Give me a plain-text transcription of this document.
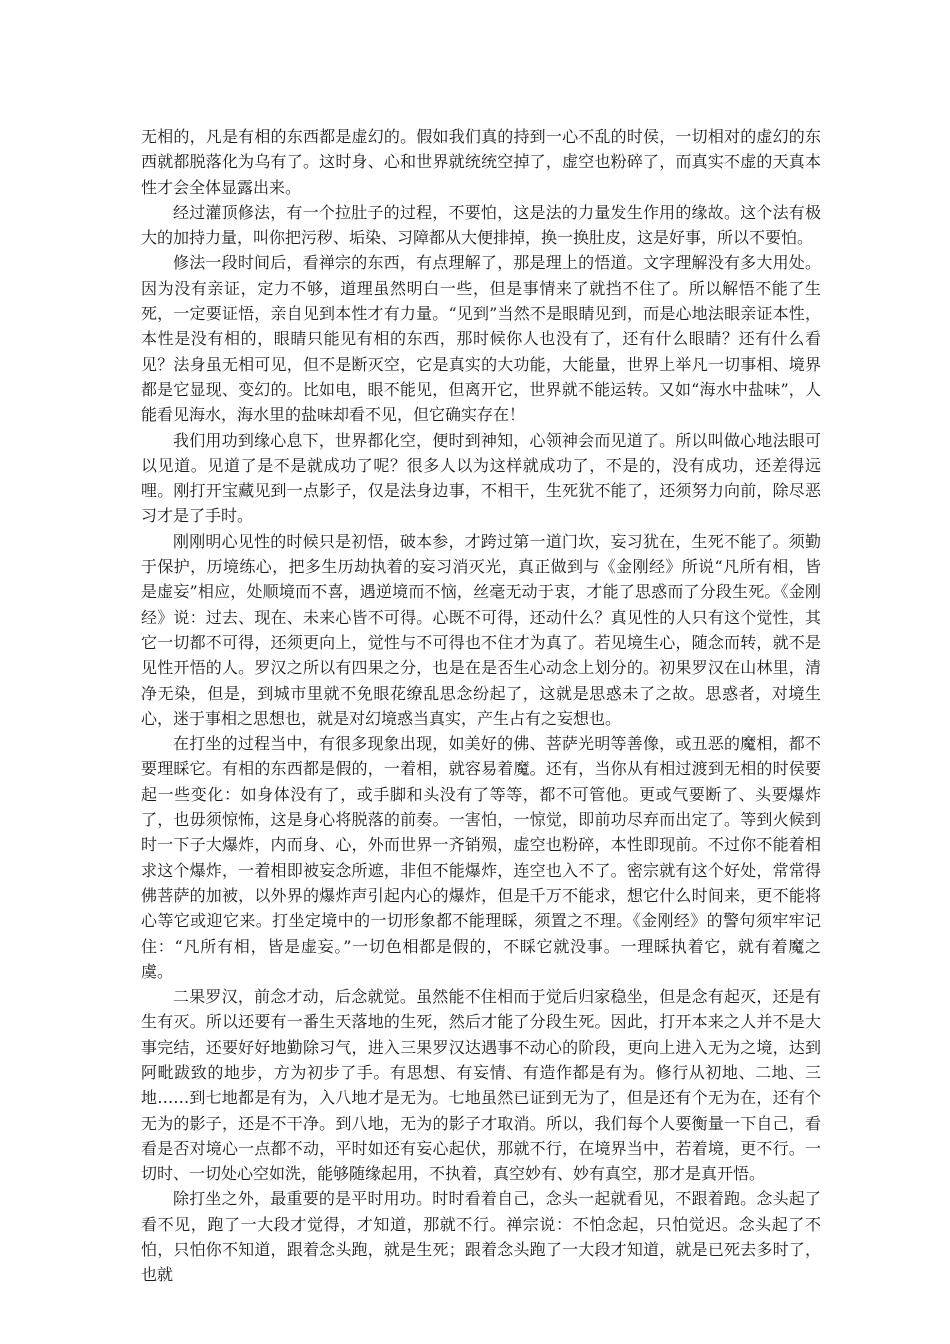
无相的，凡是有相的东西都是虚幻的。假如我们真的持到一心不乱的时侯，一切相对的虚幻的东西就都脱落化为乌有了。这时身、心和世界就统统空掉了，虚空也粉碎了，而真实不虚的天真本性才会全体显露出来。

经过灌顶修法，有一个拉肚子的过程，不要怕，这是法的力量发生作用的缘故。这个法有极大的加持力量，叫你把污秽、垢染、习障都从大便排掉，换一换肚皮，这是好事，所以不要怕。

修法一段时间后，看禅宗的东西，有点理解了，那是理上的悟道。文字理解没有多大用处。因为没有亲证，定力不够，道理虽然明白一些，但是事情来了就挡不住了。所以解悟不能了生死，一定要证悟，亲自见到本性才有力量。“见到”当然不是眼睛见到，而是心地法眼亲证本性，本性是没有相的，眼睛只能见有相的东西，那时候你人也没有了，还有什么眼睛？还有什么看见？法身虽无相可见，但不是断灭空，它是真实的大功能，大能量，世界上举凡一切事相、境界都是它显现、变幻的。比如电，眼不能见，但离开它，世界就不能运转。又如“海水中盐味”，人能看见海水，海水里的盐味却看不见，但它确实存在！

我们用功到缘心息下，世界都化空，便时到神知，心领神会而见道了。所以叫做心地法眼可以见道。见道了是不是就成功了呢？很多人以为这样就成功了，不是的，没有成功，还差得远哩。刚打开宝藏见到一点影子，仅是法身边事，不相干，生死犹不能了，还须努力向前，除尽恶习才是了手时。

刚刚明心见性的时候只是初悟，破本参，才跨过第一道门坎，妄习犹在，生死不能了。须勤于保护，历境练心，把多生历劫执着的妄习消灭光，真正做到与《金刚经》所说“凡所有相，皆是虚妄”相应，处顺境而不喜，遇逆境而不恼，丝毫无动于衷，才能了思惑而了分段生死。《金刚经》说：过去、现在、未来心皆不可得。心既不可得，还动什么？真见性的人只有这个觉性，其它一切都不可得，还须更向上，觉性与不可得也不住才为真了。若见境生心，随念而转，就不是见性开悟的人。罗汉之所以有四果之分，也是在是否生心动念上划分的。初果罗汉在山林里，清净无染，但是，到城市里就不免眼花缭乱思念纷起了，这就是思惑未了之故。思惑者，对境生心，迷于事相之思想也，就是对幻境惑当真实，产生占有之妄想也。

在打坐的过程当中，有很多现象出现，如美好的佛、菩萨光明等善像，或丑恶的魔相，都不要理睬它。有相的东西都是假的，一着相，就容易着魔。还有，当你从有相过渡到无相的时侯要起一些变化：如身体没有了，或手脚和头没有了等等，都不可管他。更或气要断了、头要爆炸了，也毋须惊怖，这是身心将脱落的前奏。一害怕，一惊觉，即前功尽弃而出定了。等到火候到时一下子大爆炸，内而身、心，外而世界一齐销殒，虚空也粉碎，本性即现前。不过你不能着相求这个爆炸，一着相即被妄念所遮，非但不能爆炸，连空也入不了。密宗就有这个好处，常常得佛菩萨的加被，以外界的爆炸声引起内心的爆炸，但是千万不能求，想它什么时间来，更不能将心等它或迎它来。打坐定境中的一切形象都不能理睬，须置之不理。《金刚经》的警句须牢牢记住：“凡所有相，皆是虚妄。”一切色相都是假的，不睬它就没事。一理睬执着它，就有着魔之虞。

二果罗汉，前念才动，后念就觉。虽然能不住相而于觉后归家稳坐，但是念有起灭，还是有生有灭。所以还要有一番生天落地的生死，然后才能了分段生死。因此，打开本来之人并不是大事完结，还要好好地勤除习气，进入三果罗汉达遇事不动心的阶段，更向上进入无为之境，达到阿毗跋致的地步，方为初步了手。有思想、有妄情、有造作都是有为。修行从初地、二地、三地……到七地都是有为，入八地才是无为。七地虽然已证到无为了，但是还有个无为在，还有个无为的影子，还是不干净。到八地，无为的影子才取消。所以，我们每个人要衡量一下自己，看看是否对境心一点都不动，平时如还有妄心起伏，那就不行，在境界当中，若着境，更不行。一切时、一切处心空如洗，能够随缘起用，不执着，真空妙有、妙有真空，那才是真开悟。

除打坐之外，最重要的是平时用功。时时看着自己，念头一起就看见，不跟着跑。念头起了看不见，跑了一大段才觉得，才知道，那就不行。禅宗说：不怕念起，只怕觉迟。念头起了不怕，只怕你不知道，跟着念头跑，就是生死；跟着念头跑了一大段才知道，就是已死去多时了，也就
